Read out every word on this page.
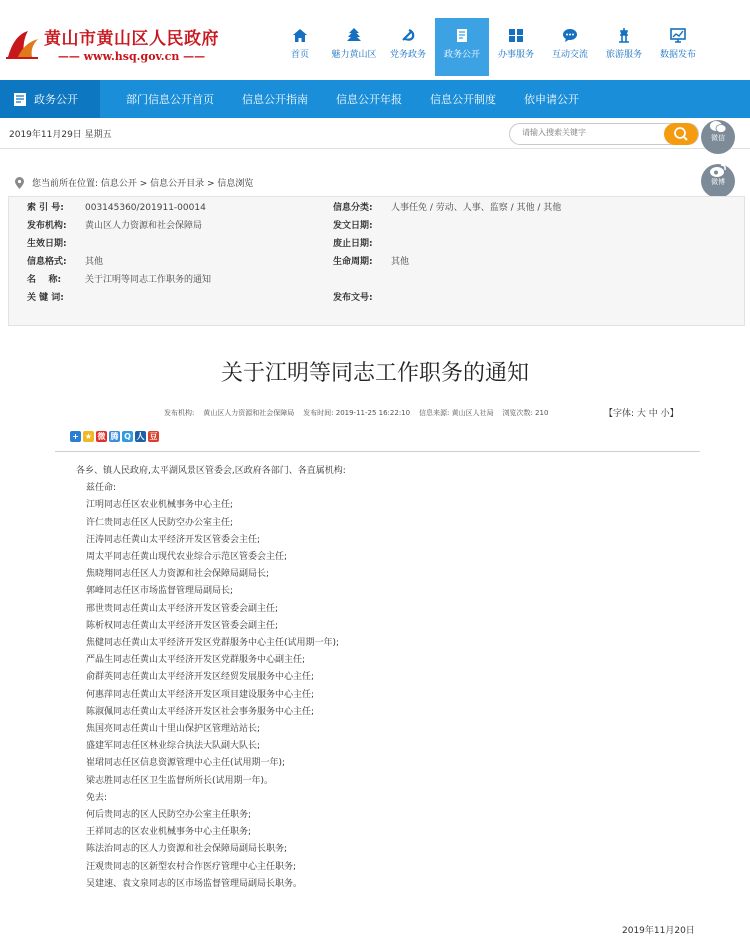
黄山市黄山区人民政府
—— www.hsq.gov.cn ——	首页	魅力黄山区	党务政务	政务公开	办事服务	互动交流	旅游服务	数据发布
政务公开	部门信息公开首页	信息公开指南	信息公开年报	信息公开制度	依申请公开
2019年11月29日 星期五
请输入搜索关键字	微信
微博
您当前所在位置: 信息公开 > 信息公开目录 > 信息浏览
索 引 号: 003145360/201911-00014	信息分类: 人事任免 / 劳动、人事、监察 / 其他 / 其他
发布机构: 黄山区人力资源和社会保障局	发文日期:
生效日期:	废止日期:
信息格式: 其他	生命周期: 其他
名    称:	关于江明等同志工作职务的通知
关 键 词:	发布文号:
关于江明等同志工作职务的通知
发布机构:    黄山区人力资源和社会保障局    发布时间: 2019-11-25 16:22:10    信息来源: 黄山区人社局    浏览次数: 210	【字体: 大 中 小】
+ ★ 微 腾 Q 人 豆
各乡、镇人民政府,太平湖风景区管委会,区政府各部门、各直属机构:
兹任命:
江明同志任区农业机械事务中心主任;
许仁贵同志任区人民防空办公室主任;
汪涛同志任黄山太平经济开发区管委会主任;
周太平同志任黄山现代农业综合示范区管委会主任;
焦晓翔同志任区人力资源和社会保障局副局长;
郭峰同志任区市场监督管理局副局长;
邢世贵同志任黄山太平经济开发区管委会副主任;
陈析权同志任黄山太平经济开发区管委会副主任;
焦健同志任黄山太平经济开发区党群服务中心主任(试用期一年);
严晶生同志任黄山太平经济开发区党群服务中心副主任;
俞群英同志任黄山太平经济开发区经贸发展服务中心主任;
何惠萍同志任黄山太平经济开发区项目建设服务中心主任;
陈淑佩同志任黄山太平经济开发区社会事务服务中心主任;
焦国亮同志任黄山十里山保护区管理站站长;
盛建军同志任区林业综合执法大队副大队长;
崔珺同志任区信息资源管理中心主任(试用期一年);
梁志胜同志任区卫生监督所所长(试用期一年)。
免去:
何后贵同志的区人民防空办公室主任职务;
王祥同志的区农业机械事务中心主任职务;
陈法治同志的区人力资源和社会保障局副局长职务;
汪观贵同志的区新型农村合作医疗管理中心主任职务;
吴建速、袁文泉同志的区市场监督管理局副局长职务。
2019年11月20日
